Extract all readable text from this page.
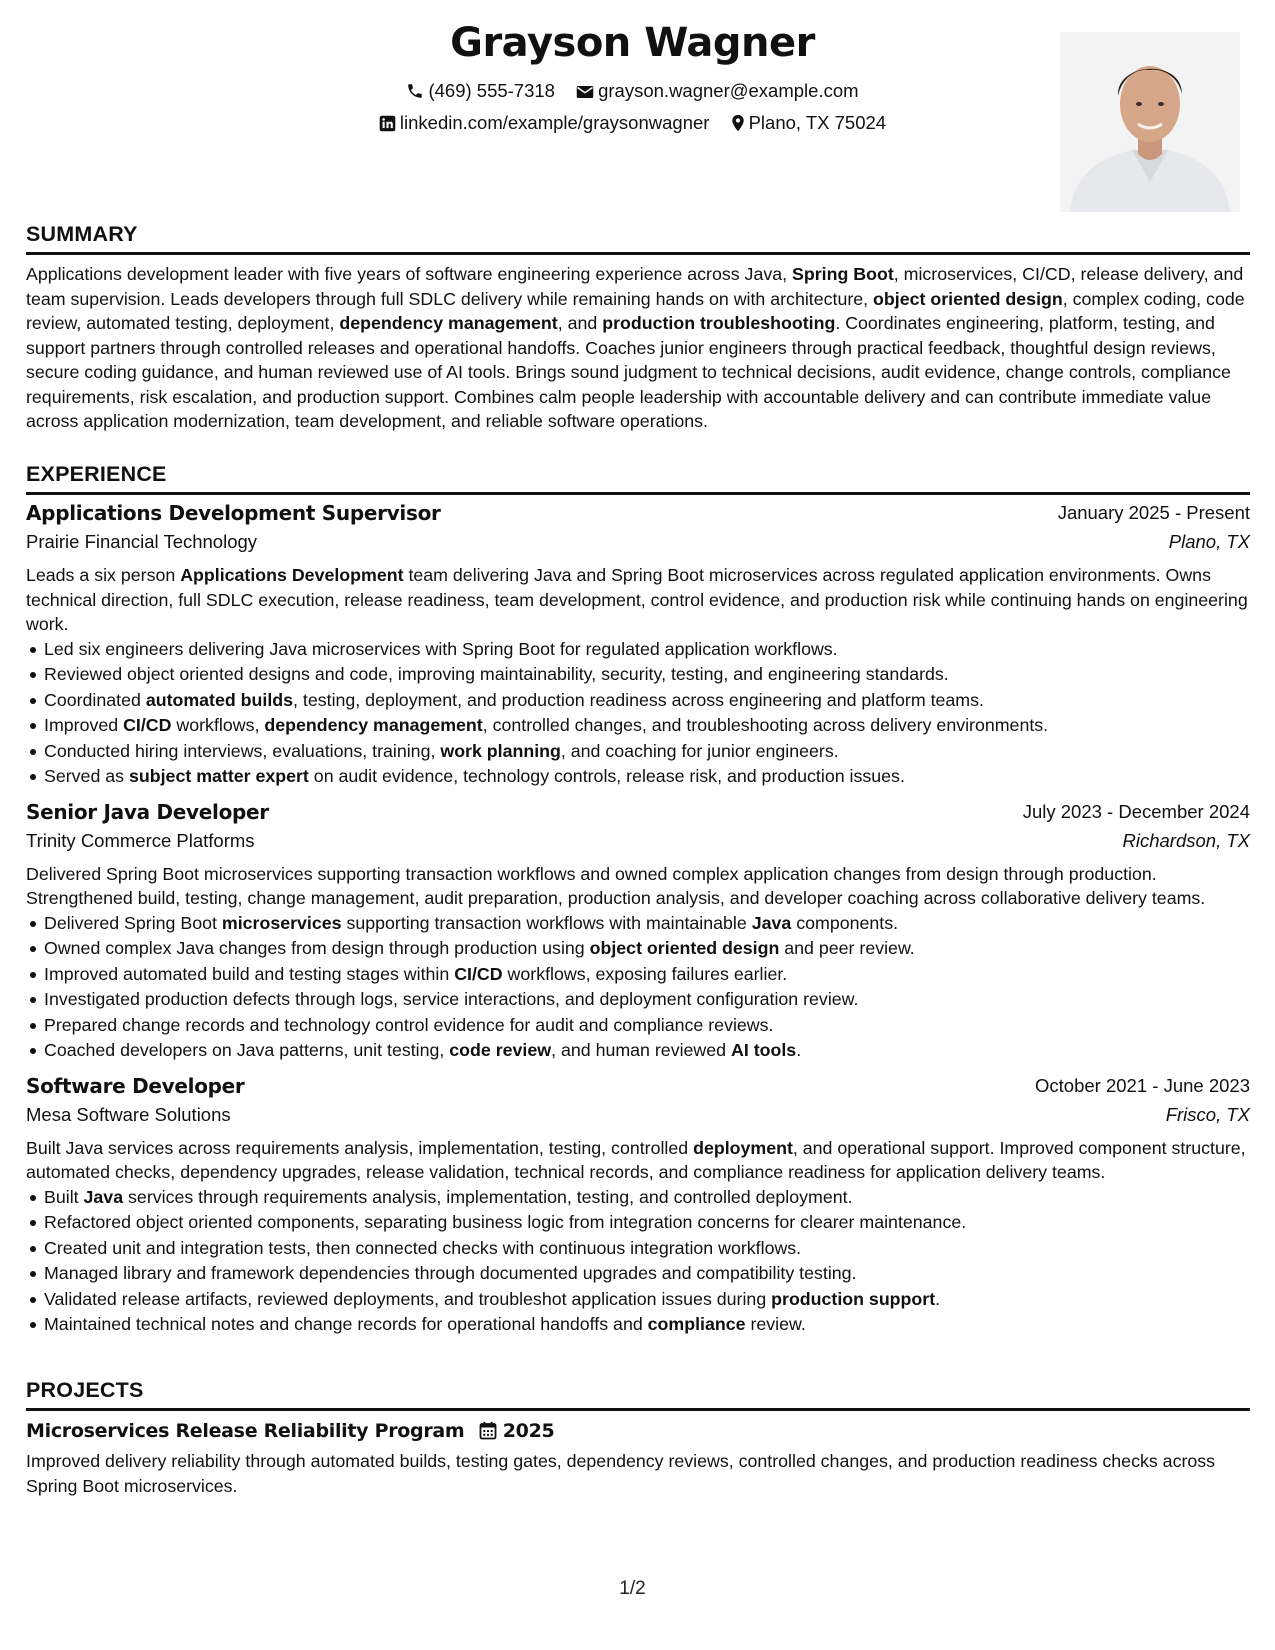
Grayson Wagner
(469) 555-7318 grayson.wagner@example.com
linkedin.com/example/graysonwagner Plano, TX 75024
SUMMARY
Applications development leader with five years of software engineering experience across Java, Spring Boot, microservices, CI/CD, release delivery, and team supervision. Leads developers through full SDLC delivery while remaining hands on with architecture, object oriented design, complex coding, code review, automated testing, deployment, dependency management, and production troubleshooting. Coordinates engineering, platform, testing, and support partners through controlled releases and operational handoffs. Coaches junior engineers through practical feedback, thoughtful design reviews, secure coding guidance, and human reviewed use of AI tools. Brings sound judgment to technical decisions, audit evidence, change controls, compliance requirements, risk escalation, and production support. Combines calm people leadership with accountable delivery and can contribute immediate value across application modernization, team development, and reliable software operations.
EXPERIENCE
Applications Development Supervisor	January 2025 - Present
Prairie Financial Technology	Plano, TX
Leads a six person Applications Development team delivering Java and Spring Boot microservices across regulated application environments. Owns technical direction, full SDLC execution, release readiness, team development, control evidence, and production risk while continuing hands on engineering work.
Led six engineers delivering Java microservices with Spring Boot for regulated application workflows.
Reviewed object oriented designs and code, improving maintainability, security, testing, and engineering standards.
Coordinated automated builds, testing, deployment, and production readiness across engineering and platform teams.
Improved CI/CD workflows, dependency management, controlled changes, and troubleshooting across delivery environments.
Conducted hiring interviews, evaluations, training, work planning, and coaching for junior engineers.
Served as subject matter expert on audit evidence, technology controls, release risk, and production issues.
Senior Java Developer	July 2023 - December 2024
Trinity Commerce Platforms	Richardson, TX
Delivered Spring Boot microservices supporting transaction workflows and owned complex application changes from design through production. Strengthened build, testing, change management, audit preparation, production analysis, and developer coaching across collaborative delivery teams.
Delivered Spring Boot microservices supporting transaction workflows with maintainable Java components.
Owned complex Java changes from design through production using object oriented design and peer review.
Improved automated build and testing stages within CI/CD workflows, exposing failures earlier.
Investigated production defects through logs, service interactions, and deployment configuration review.
Prepared change records and technology control evidence for audit and compliance reviews.
Coached developers on Java patterns, unit testing, code review, and human reviewed AI tools.
Software Developer	October 2021 - June 2023
Mesa Software Solutions	Frisco, TX
Built Java services across requirements analysis, implementation, testing, controlled deployment, and operational support. Improved component structure, automated checks, dependency upgrades, release validation, technical records, and compliance readiness for application delivery teams.
Built Java services through requirements analysis, implementation, testing, and controlled deployment.
Refactored object oriented components, separating business logic from integration concerns for clearer maintenance.
Created unit and integration tests, then connected checks with continuous integration workflows.
Managed library and framework dependencies through documented upgrades and compatibility testing.
Validated release artifacts, reviewed deployments, and troubleshot application issues during production support.
Maintained technical notes and change records for operational handoffs and compliance review.
PROJECTS
Microservices Release Reliability Program 2025
Improved delivery reliability through automated builds, testing gates, dependency reviews, controlled changes, and production readiness checks across Spring Boot microservices.
1/2
